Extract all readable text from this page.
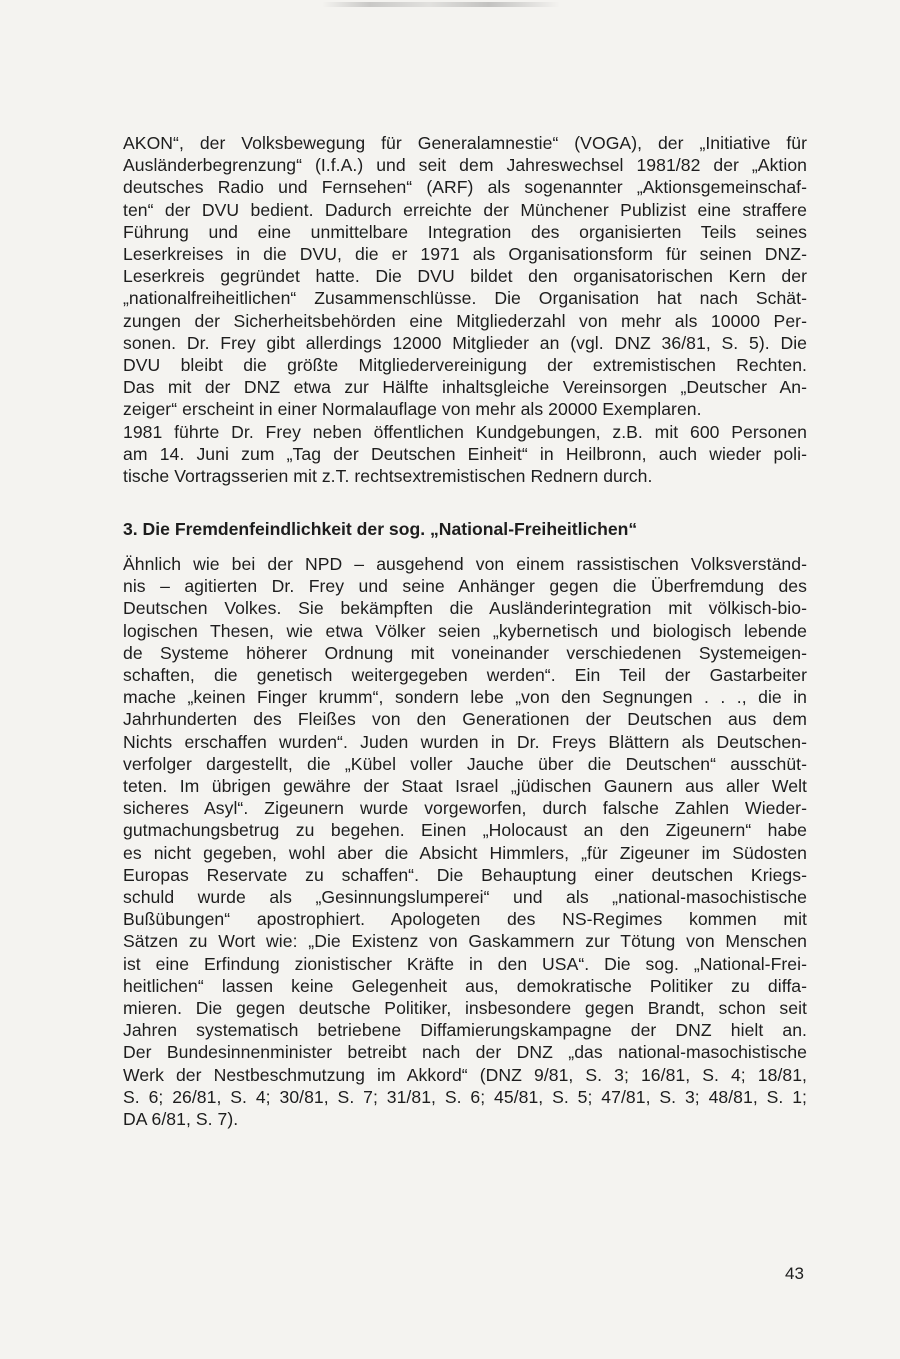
AKON“, der Volksbewegung für Generalamnestie“ (VOGA), der „Initiative für
Ausländerbegrenzung“ (I.f.A.) und seit dem Jahreswechsel 1981/82 der „Aktion
deutsches Radio und Fernsehen“ (ARF) als sogenannter „Aktionsgemeinschaf-
ten“ der DVU bedient. Dadurch erreichte der Münchener Publizist eine straffere
Führung und eine unmittelbare Integration des organisierten Teils seines
Leserkreises in die DVU, die er 1971 als Organisationsform für seinen DNZ-
Leserkreis gegründet hatte. Die DVU bildet den organisatorischen Kern der
„nationalfreiheitlichen“ Zusammenschlüsse. Die Organisation hat nach Schät-
zungen der Sicherheitsbehörden eine Mitgliederzahl von mehr als 10000 Per-
sonen. Dr. Frey gibt allerdings 12000 Mitglieder an (vgl. DNZ 36/81, S. 5). Die
DVU bleibt die größte Mitgliedervereinigung der extremistischen Rechten.
Das mit der DNZ etwa zur Hälfte inhaltsgleiche Vereinsorgen „Deutscher An-
zeiger“ erscheint in einer Normalauflage von mehr als 20000 Exemplaren.
1981 führte Dr. Frey neben öffentlichen Kundgebungen, z.B. mit 600 Personen
am 14. Juni zum „Tag der Deutschen Einheit“ in Heilbronn, auch wieder poli-
tische Vortragsserien mit z.T. rechtsextremistischen Rednern durch.
3. Die Fremdenfeindlichkeit der sog. „National-Freiheitlichen“
Ähnlich wie bei der NPD – ausgehend von einem rassistischen Volksverständ-
nis – agitierten Dr. Frey und seine Anhänger gegen die Überfremdung des
Deutschen Volkes. Sie bekämpften die Ausländerintegration mit völkisch-bio-
logischen Thesen, wie etwa Völker seien „kybernetisch und biologisch lebende
de Systeme höherer Ordnung mit voneinander verschiedenen Systemeigen-
schaften, die genetisch weitergegeben werden“. Ein Teil der Gastarbeiter
mache „keinen Finger krumm“, sondern lebe „von den Segnungen . . ., die in
Jahrhunderten des Fleißes von den Generationen der Deutschen aus dem
Nichts erschaffen wurden“. Juden wurden in Dr. Freys Blättern als Deutschen-
verfolger dargestellt, die „Kübel voller Jauche über die Deutschen“ ausschüt-
teten. Im übrigen gewähre der Staat Israel „jüdischen Gaunern aus aller Welt
sicheres Asyl“. Zigeunern wurde vorgeworfen, durch falsche Zahlen Wieder-
gutmachungsbetrug zu begehen. Einen „Holocaust an den Zigeunern“ habe
es nicht gegeben, wohl aber die Absicht Himmlers, „für Zigeuner im Südosten
Europas Reservate zu schaffen“. Die Behauptung einer deutschen Kriegs-
schuld wurde als „Gesinnungslumperei“ und als „national-masochistische
Bußübungen“ apostrophiert. Apologeten des NS-Regimes kommen mit
Sätzen zu Wort wie: „Die Existenz von Gaskammern zur Tötung von Menschen
ist eine Erfindung zionistischer Kräfte in den USA“. Die sog. „National-Frei-
heitlichen“ lassen keine Gelegenheit aus, demokratische Politiker zu diffa-
mieren. Die gegen deutsche Politiker, insbesondere gegen Brandt, schon seit
Jahren systematisch betriebene Diffamierungskampagne der DNZ hielt an.
Der Bundesinnenminister betreibt nach der DNZ „das national-masochistische
Werk der Nestbeschmutzung im Akkord“ (DNZ 9/81, S. 3; 16/81, S. 4; 18/81,
S. 6; 26/81, S. 4; 30/81, S. 7; 31/81, S. 6; 45/81, S. 5; 47/81, S. 3; 48/81, S. 1;
DA 6/81, S. 7).
43
